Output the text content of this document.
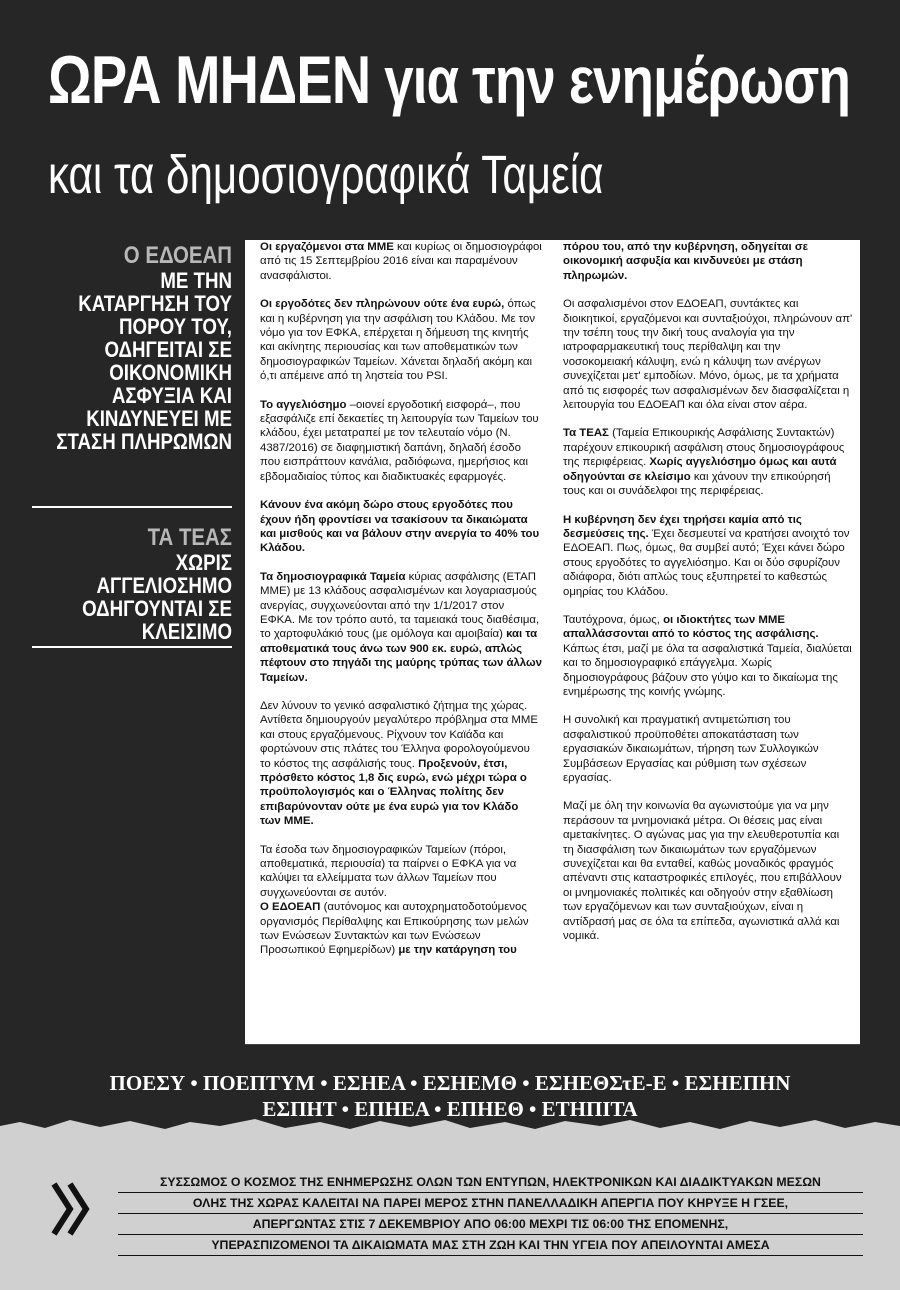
ΩΡΑ ΜΗΔΕΝ για την ενημέρωση
και τα δημοσιογραφικά Ταμεία
Ο ΕΔΟΕΑΠ
ΜΕ ΤΗΝ ΚΑΤΑΡΓΗΣΗ ΤΟΥ ΠΟΡΟΥ ΤΟΥ, ΟΔΗΓΕΙΤΑΙ ΣΕ ΟΙΚΟΝΟΜΙΚΗ ΑΣΦΥΞΙΑ ΚΑΙ ΚΙΝΔΥΝΕΥΕΙ ΜΕ ΣΤΑΣΗ ΠΛΗΡΩΜΩΝ
ΤΑ ΤΕΑΣ
ΧΩΡΙΣ ΑΓΓΕΛΙΟΣΗΜΟ ΟΔΗΓΟΥΝΤΑΙ ΣΕ ΚΛΕΙΣΙΜΟ

Οι εργαζόμενοι στα ΜΜΕ και κυρίως οι δημοσιογράφοι από τις 15 Σεπτεμβρίου 2016 είναι και παραμένουν ανασφάλιστοι.

Οι εργοδότες δεν πληρώνουν ούτε ένα ευρώ, όπως και η κυβέρνηση για την ασφάλιση του Κλάδου. Με τον νόμο για τον ΕΦΚΑ, επέρχεται η δήμευση της κινητής και ακίνητης περιουσίας και των αποθεματικών των δημοσιογραφικών Ταμείων. Χάνεται δηλαδή ακόμη και ό,τι απέμεινε από τη ληστεία του PSI.

Το αγγελιόσημο –οιονεί εργοδοτική εισφορά–, που εξασφάλιζε επί δεκαετίες τη λειτουργία των Ταμείων του κλάδου, έχει μετατραπεί με τον τελευταίο νόμο (Ν. 4387/2016) σε διαφημιστική δαπάνη, δηλαδή έσοδο που εισπράττουν κανάλια, ραδιόφωνα, ημερήσιος και εβδομαδιαίος τύπος και διαδικτυακές εφαρμογές.

Κάνουν ένα ακόμη δώρο στους εργοδότες που έχουν ήδη φροντίσει να τσακίσουν τα δικαιώματα και μισθούς και να βάλουν στην ανεργία το 40% του Κλάδου.

Τα δημοσιογραφικά Ταμεία κύριας ασφάλισης (ΕΤΑΠ ΜΜΕ) με 13 κλάδους ασφαλισμένων και λογαριασμούς ανεργίας, συγχωνεύονται από την 1/1/2017 στον ΕΦΚΑ. Με τον τρόπο αυτό, τα ταμειακά τους διαθέσιμα, το χαρτοφυλάκιό τους (με ομόλογα και αμοιβαία) και τα αποθεματικά τους άνω των 900 εκ. ευρώ, απλώς πέφτουν στο πηγάδι της μαύρης τρύπας των άλλων Ταμείων.

Δεν λύνουν το γενικό ασφαλιστικό ζήτημα της χώρας. Αντίθετα δημιουργούν μεγαλύτερο πρόβλημα στα ΜΜΕ και στους εργαζόμενους. Ρίχνουν τον Καϊάδα και φορτώνουν στις πλάτες του Έλληνα φορολογούμενου το κόστος της ασφάλισής τους. Προξενούν, έτσι, πρόσθετο κόστος 1,8 δις ευρώ, ενώ μέχρι τώρα ο προϋπολογισμός και ο Έλληνας πολίτης δεν επιβαρύνονταν ούτε με ένα ευρώ για τον Κλάδο των ΜΜΕ.

Τα έσοδα των δημοσιογραφικών Ταμείων (πόροι, αποθεματικά, περιουσία) τα παίρνει ο ΕΦΚΑ για να καλύψει τα ελλείμματα των άλλων Ταμείων που συγχωνεύονται σε αυτόν.

Ο ΕΔΟΕΑΠ (αυτόνομος και αυτοχρηματοδοτούμενος οργανισμός Περίθαλψης και Επικούρησης των μελών των Ενώσεων Συντακτών και των Ενώσεων Προσωπικού Εφημερίδων) με την κατάργηση του

πόρου του, από την κυβέρνηση, οδηγείται σε οικονομική ασφυξία και κινδυνεύει με στάση πληρωμών.

Οι ασφαλισμένοι στον ΕΔΟΕΑΠ, συντάκτες και διοικητικοί, εργαζόμενοι και συνταξιούχοι, πληρώνουν απ' την τσέπη τους την δική τους αναλογία για την ιατροφαρμακευτική τους περίθαλψη και την νοσοκομειακή κάλυψη, ενώ η κάλυψη των ανέργων συνεχίζεται μετ' εμποδίων. Μόνο, όμως, με τα χρήματα από τις εισφορές των ασφαλισμένων δεν διασφαλίζεται η λειτουργία του ΕΔΟΕΑΠ και όλα είναι στον αέρα.

Τα ΤΕΑΣ (Ταμεία Επικουρικής Ασφάλισης Συντακτών) παρέχουν επικουρική ασφάλιση στους δημοσιογράφους της περιφέρειας. Χωρίς αγγελιόσημο όμως και αυτά οδηγούνται σε κλείσιμο και χάνουν την επικούρησή τους και οι συνάδελφοι της περιφέρειας.

Η κυβέρνηση δεν έχει τηρήσει καμία από τις δεσμεύσεις της. Έχει δεσμευτεί να κρατήσει ανοιχτό τον ΕΔΟΕΑΠ. Πως, όμως, θα συμβεί αυτό; Έχει κάνει δώρο στους εργοδότες το αγγελιόσημο. Και οι δύο σφυρίζουν αδιάφορα, διότι απλώς τους εξυπηρετεί το καθεστώς ομηρίας του Κλάδου.

Ταυτόχρονα, όμως, οι ιδιοκτήτες των ΜΜΕ απαλλάσσονται από το κόστος της ασφάλισης. Κάπως έτσι, μαζί με όλα τα ασφαλιστικά Ταμεία, διαλύεται και το δημοσιογραφικό επάγγελμα. Χωρίς δημοσιογράφους βάζουν στο γύψο και το δικαίωμα της ενημέρωσης της κοινής γνώμης.

Η συνολική και πραγματική αντιμετώπιση του ασφαλιστικού προϋποθέτει αποκατάσταση των εργασιακών δικαιωμάτων, τήρηση των Συλλογικών Συμβάσεων Εργασίας και ρύθμιση των σχέσεων εργασίας.

Μαζί με όλη την κοινωνία θα αγωνιστούμε για να μην περάσουν τα μνημονιακά μέτρα. Οι θέσεις μας είναι αμετακίνητες. Ο αγώνας μας για την ελευθεροτυπία και τη διασφάλιση των δικαιωμάτων των εργαζόμενων συνεχίζεται και θα ενταθεί, καθώς μοναδικός φραγμός απέναντι στις καταστροφικές επιλογές, που επιβάλλουν οι μνημονιακές πολιτικές και οδηγούν στην εξαθλίωση των εργαζόμενων και των συνταξιούχων, είναι η αντίδρασή μας σε όλα τα επίπεδα, αγωνιστικά αλλά και νομικά.

ΠΟΕΣΥ • ΠΟΕΠΤΥΜ • ΕΣΗΕΑ • ΕΣΗΕΜΘ • ΕΣΗΕΘΣτΕ-Ε • ΕΣΗΕΠΗΝ
ΕΣΠΗΤ • ΕΠΗΕΑ • ΕΠΗΕΘ • ΕΤΗΠΙΤΑ
ΣΥΣΣΩΜΟΣ Ο ΚΟΣΜΟΣ ΤΗΣ ΕΝΗΜΕΡΩΣΗΣ ΟΛΩΝ ΤΩΝ ΕΝΤΥΠΩΝ, ΗΛΕΚΤΡΟΝΙΚΩΝ ΚΑΙ ΔΙΑΔΙΚΤΥΑΚΩΝ ΜΕΣΩΝ
ΟΛΗΣ ΤΗΣ ΧΩΡΑΣ ΚΑΛΕΙΤΑΙ ΝΑ ΠΑΡΕΙ ΜΕΡΟΣ ΣΤΗΝ ΠΑΝΕΛΛΑΔΙΚΗ ΑΠΕΡΓΙΑ ΠΟΥ ΚΗΡΥΞΕ Η ΓΣΕΕ,
ΑΠΕΡΓΩΝΤΑΣ ΣΤΙΣ 7 ΔΕΚΕΜΒΡΙΟΥ ΑΠΟ 06:00 ΜΕΧΡΙ ΤΙΣ 06:00 ΤΗΣ ΕΠΟΜΕΝΗΣ,
ΥΠΕΡΑΣΠΙΖΟΜΕΝΟΙ ΤΑ ΔΙΚΑΙΩΜΑΤΑ ΜΑΣ ΣΤΗ ΖΩΗ ΚΑΙ ΤΗΝ ΥΓΕΙΑ ΠΟΥ ΑΠΕΙΛΟΥΝΤΑΙ ΑΜΕΣΑ
